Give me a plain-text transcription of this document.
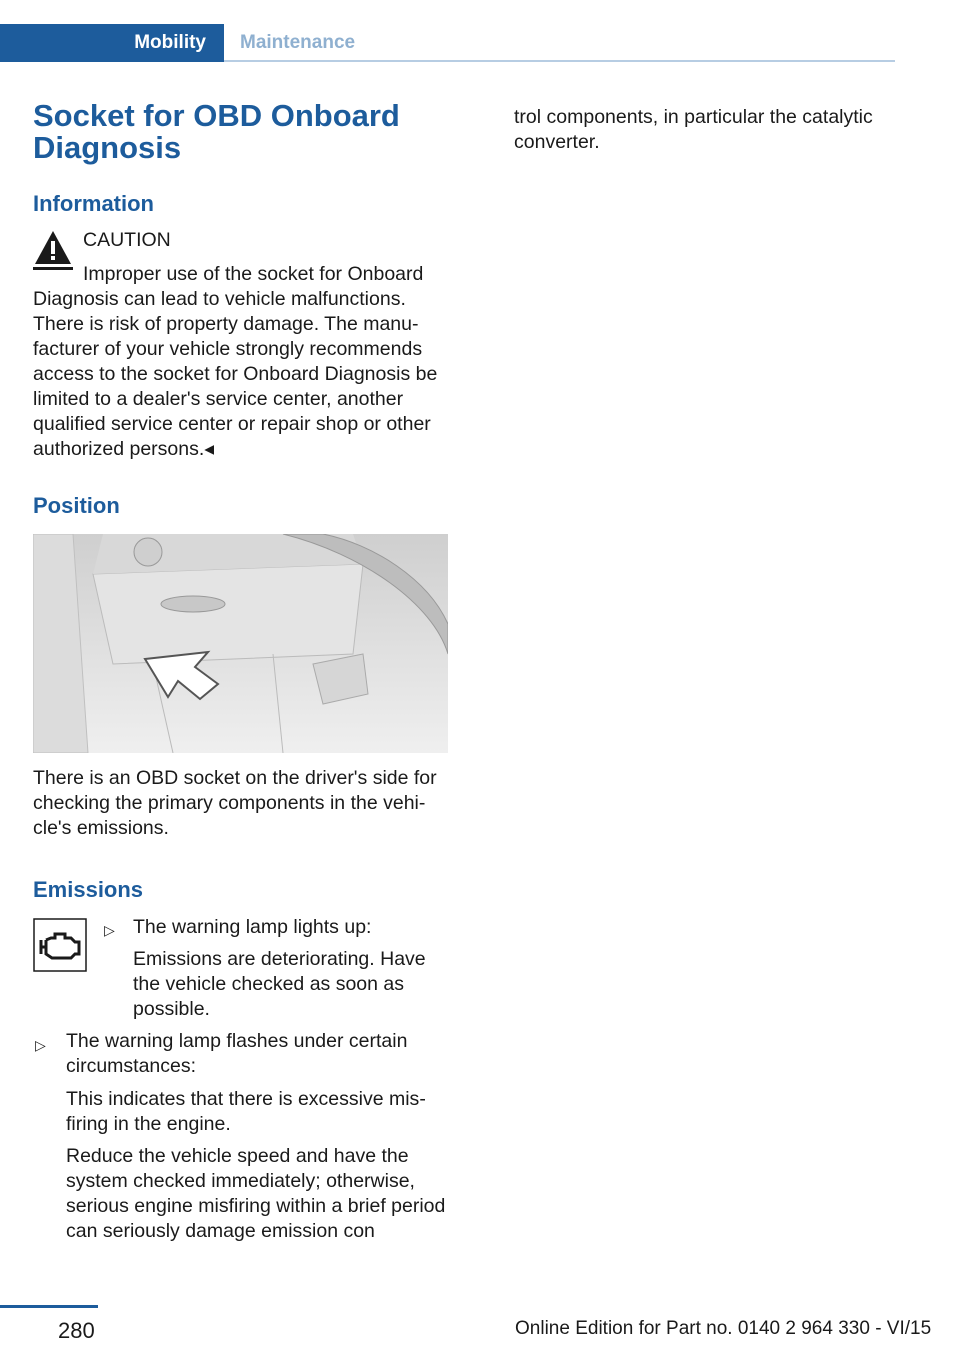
Mobility	Maintenance
Socket for OBD Onboard Diagnosis
Information

CAUTION

Improper use of the socket for Onboard Diagnosis can lead to vehicle malfunctions. There is risk of property damage. The manufacturer of your vehicle strongly recommends access to the socket for Onboard Diagnosis be limited to a dealer's service center, another qualified service center or repair shop or other authorized persons.◂

Position

There is an OBD socket on the driver's side for checking the primary components in the vehicle's emissions.

Emissions
▷ The warning lamp lights up:

Emissions are deteriorating. Have the vehicle checked as soon as possible.

▷ The warning lamp flashes under certain circumstances:

This indicates that there is excessive misfiring in the engine.

Reduce the vehicle speed and have the system checked immediately; otherwise, serious engine misfiring within a brief period can seriously damage emission con

trol components, in particular the catalytic converter.

280	Online Edition for Part no. 0140 2 964 330 - VI/15
